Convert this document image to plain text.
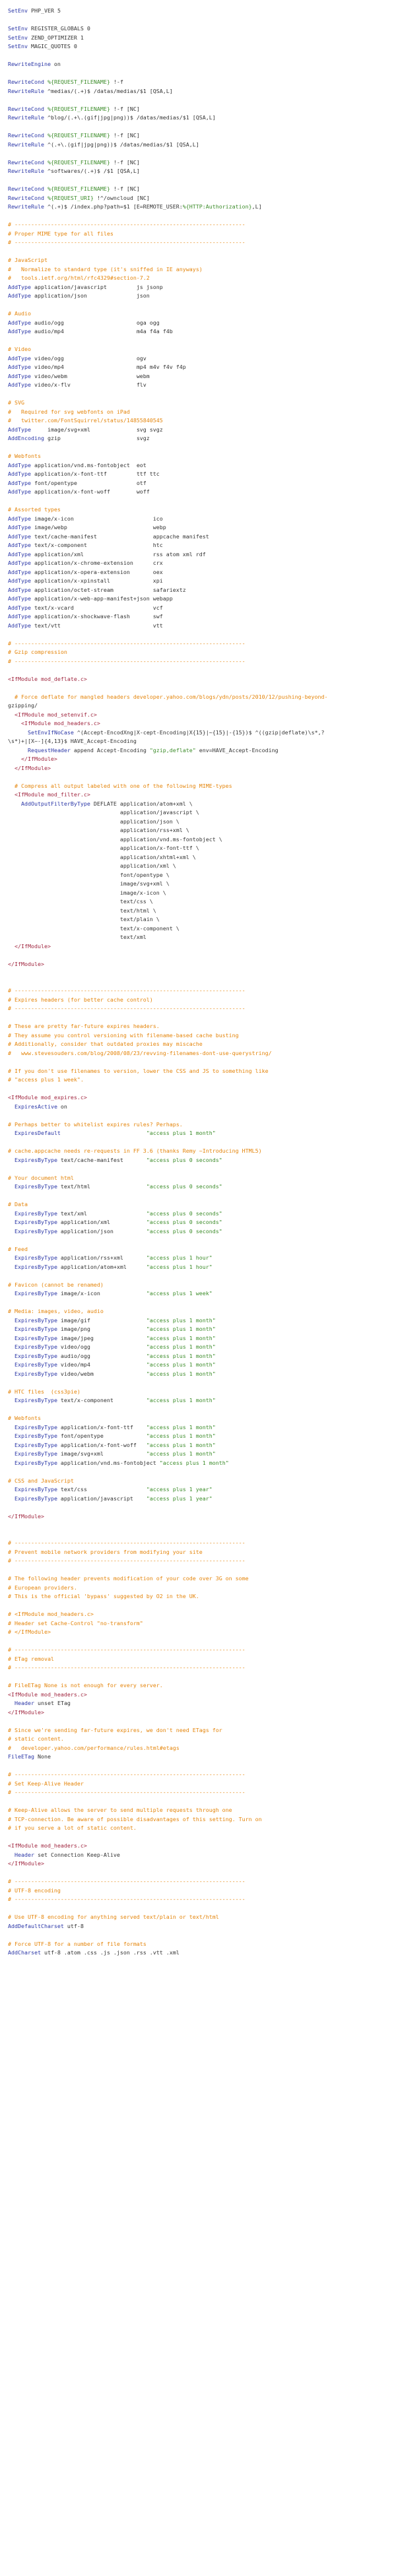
SetEnv PHP_VER 5

SetEnv REGISTER_GLOBALS 0
SetEnv ZEND_OPTIMIZER 1
SetEnv MAGIC_QUOTES 0

RewriteEngine on

RewriteCond %{REQUEST_FILENAME} !-f
RewriteRule ^medias/(.+)$ /datas/medias/$1 [QSA,L]

RewriteCond %{REQUEST_FILENAME} !-f [NC]
RewriteRule ^blog/(.+\.(gif|jpg|png))$ /datas/medias/$1 [QSA,L]

RewriteCond %{REQUEST_FILENAME} !-f [NC]
RewriteRule ^(.+\.(gif|jpg|png))$ /datas/medias/$1 [QSA,L]

RewriteCond %{REQUEST_FILENAME} !-f [NC]
RewriteRule ^softwares/(.+)$ /$1 [QSA,L]

RewriteCond %{REQUEST_FILENAME} !-f [NC]
RewriteCond %{REQUEST_URI} !^/owncloud [NC]
RewriteRule ^(.+)$ /index.php?path=$1 [E=REMOTE_USER:%{HTTP:Authorization},L]

# ----------------------------------------------------------------------
# Proper MIME type for all files
# ----------------------------------------------------------------------

# JavaScript
#   Normalize to standard type (it's sniffed in IE anyways)
#   tools.ietf.org/html/rfc4329#section-7.2
AddType application/javascript         js jsonp
AddType application/json               json

# Audio
AddType audio/ogg                      oga ogg
AddType audio/mp4                      m4a f4a f4b

# Video
AddType video/ogg                      ogv
AddType video/mp4                      mp4 m4v f4v f4p
AddType video/webm                     webm
AddType video/x-flv                    flv

# SVG
#   Required for svg webfonts on iPad
#   twitter.com/FontSquirrel/status/14855840545
AddType     image/svg+xml              svg svgz
AddEncoding gzip                       svgz

# Webfonts
AddType application/vnd.ms-fontobject  eot
AddType application/x-font-ttf         ttf ttc
AddType font/opentype                  otf
AddType application/x-font-woff        woff

# Assorted types
AddType image/x-icon                        ico
AddType image/webp                          webp
AddType text/cache-manifest                 appcache manifest
AddType text/x-component                    htc
AddType application/xml                     rss atom xml rdf
AddType application/x-chrome-extension      crx
AddType application/x-opera-extension       oex
AddType application/x-xpinstall             xpi
AddType application/octet-stream            safariextz
AddType application/x-web-app-manifest+json webapp
AddType text/x-vcard                        vcf
AddType application/x-shockwave-flash       swf
AddType text/vtt                            vtt

# ----------------------------------------------------------------------
# Gzip compression
# ----------------------------------------------------------------------

<IfModule mod_deflate.c>

# Force deflate for mangled headers developer.yahoo.com/blogs/ydn/posts/2010/12/pushing-beyond-
gzipping/
<IfModule mod_setenvif.c>
<IfModule mod_headers.c>
SetEnvIfNoCase ^(Accept-EncodXng|X-cept-Encoding|X{15}|~{15}|-{15})$ ^((gzip|deflate)\s*,?
\s*)+|[X~-]{4,13}$ HAVE_Accept-Encoding
RequestHeader append Accept-Encoding "gzip,deflate" env=HAVE_Accept-Encoding
</IfModule>
</IfModule>

# Compress all output labeled with one of the following MIME-types
<IfModule mod_filter.c>
AddOutputFilterByType DEFLATE application/atom+xml \
application/javascript \
application/json \
application/rss+xml \
application/vnd.ms-fontobject \
application/x-font-ttf \
application/xhtml+xml \
application/xml \
font/opentype \
image/svg+xml \
image/x-icon \
text/css \
text/html \
text/plain \
text/x-component \
text/xml
</IfModule>

</IfModule>

# ----------------------------------------------------------------------
# Expires headers (for better cache control)
# ----------------------------------------------------------------------

# These are pretty far-future expires headers.
# They assume you control versioning with filename-based cache busting
# Additionally, consider that outdated proxies may miscache
#   www.stevesouders.com/blog/2008/08/23/revving-filenames-dont-use-querystring/

# If you don't use filenames to version, lower the CSS and JS to something like
# "access plus 1 week".

<IfModule mod_expires.c>
ExpiresActive on

# Perhaps better to whitelist expires rules? Perhaps.
ExpiresDefault	"access plus 1 month"

# cache.appcache needs re-requests in FF 3.6 (thanks Remy ~Introducing HTML5)
ExpiresByType text/cache-manifest       "access plus 0 seconds"

# Your document html
ExpiresByType text/html                 "access plus 0 seconds"

# Data
ExpiresByType text/xml                  "access plus 0 seconds"
ExpiresByType application/xml           "access plus 0 seconds"
ExpiresByType application/json          "access plus 0 seconds"

# Feed
ExpiresByType application/rss+xml       "access plus 1 hour"
ExpiresByType application/atom+xml      "access plus 1 hour"

# Favicon (cannot be renamed)
ExpiresByType image/x-icon              "access plus 1 week"

# Media: images, video, audio
ExpiresByType image/gif                 "access plus 1 month"
ExpiresByType image/png                 "access plus 1 month"
ExpiresByType image/jpeg                "access plus 1 month"
ExpiresByType video/ogg                 "access plus 1 month"
ExpiresByType audio/ogg                 "access plus 1 month"
ExpiresByType video/mp4                 "access plus 1 month"
ExpiresByType video/webm                "access plus 1 month"

# HTC files  (css3pie)
ExpiresByType text/x-component          "access plus 1 month"

# Webfonts
ExpiresByType application/x-font-ttf    "access plus 1 month"
ExpiresByType font/opentype             "access plus 1 month"
ExpiresByType application/x-font-woff   "access plus 1 month"
ExpiresByType image/svg+xml             "access plus 1 month"
ExpiresByType application/vnd.ms-fontobject "access plus 1 month"

# CSS and JavaScript
ExpiresByType text/css                  "access plus 1 year"
ExpiresByType application/javascript    "access plus 1 year"

</IfModule>

# ----------------------------------------------------------------------
# Prevent mobile network providers from modifying your site
# ----------------------------------------------------------------------

# The following header prevents modification of your code over 3G on some
# European providers.
# This is the official 'bypass' suggested by O2 in the UK.

# <IfModule mod_headers.c>
# Header set Cache-Control "no-transform"
# </IfModule>

# ----------------------------------------------------------------------
# ETag removal
# ----------------------------------------------------------------------

# FileETag None is not enough for every server.
<IfModule mod_headers.c>
Header unset ETag
</IfModule>

# Since we're sending far-future expires, we don't need ETags for
# static content.
#   developer.yahoo.com/performance/rules.html#etags
FileETag None

# ----------------------------------------------------------------------
# Set Keep-Alive Header
# ----------------------------------------------------------------------

# Keep-Alive allows the server to send multiple requests through one
# TCP-connection. Be aware of possible disadvantages of this setting. Turn on
# if you serve a lot of static content.

<IfModule mod_headers.c>
Header set Connection Keep-Alive
</IfModule>

# ----------------------------------------------------------------------
# UTF-8 encoding
# ----------------------------------------------------------------------

# Use UTF-8 encoding for anything served text/plain or text/html
AddDefaultCharset utf-8

# Force UTF-8 for a number of file formats
AddCharset utf-8 .atom .css .js .json .rss .vtt .xml
